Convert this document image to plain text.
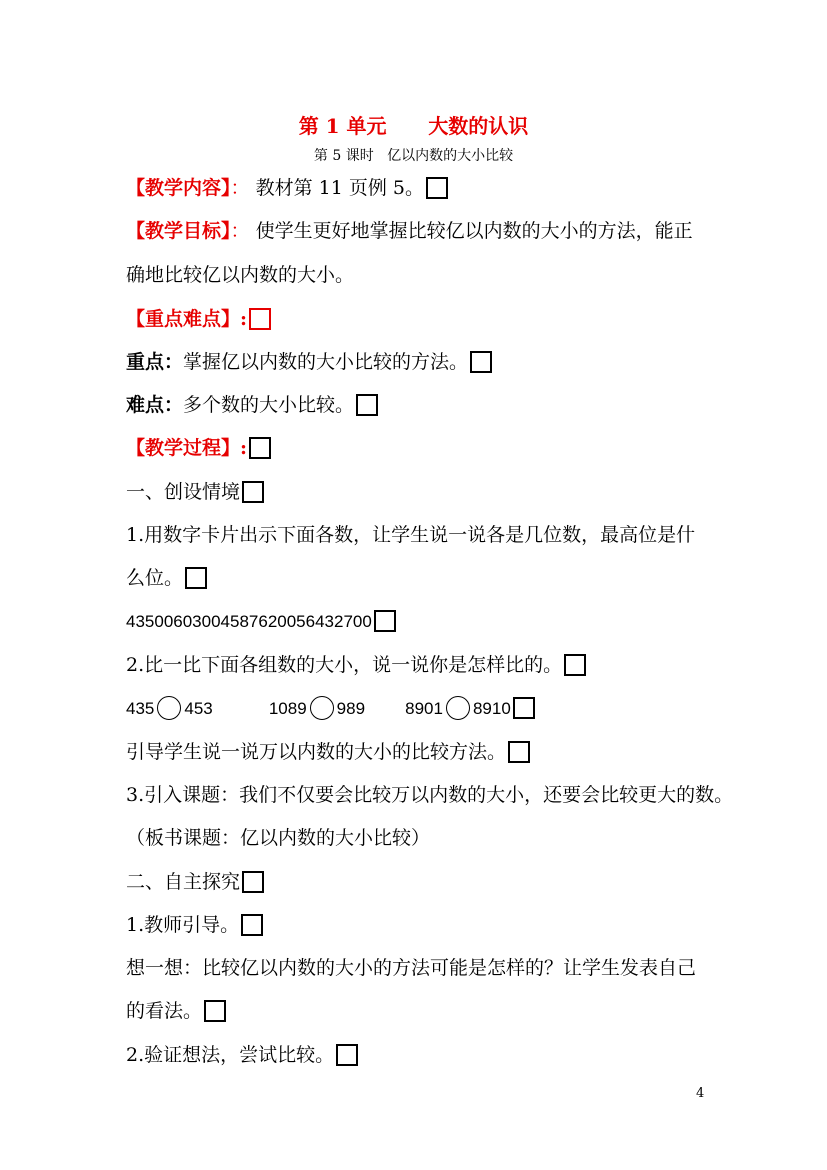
第 1 单元      大数的认识
第 5 课时   亿以内数的大小比较
【教学内容】： 教材第 11 页例 5。
【教学目标】： 使学生更好地掌握比较亿以内数的大小的方法，能正
确地比较亿以内数的大小。
【重点难点】:
重点：掌握亿以内数的大小比较的方法。
难点：多个数的大小比较。
【教学过程】:
一、创设情境
1.用数字卡片出示下面各数，让学生说一说各是几位数，最高位是什
么位。
43500603004587620056432700
2.比一比下面各组数的大小，说一说你是怎样比的。
435 453	1089 989 8901 8910
引导学生说一说万以内数的大小的比较方法。
3.引入课题：我们不仅要会比较万以内数的大小，还要会比较更大的数。
（板书课题：亿以内数的大小比较）
二、自主探究
1.教师引导。
想一想：比较亿以内数的大小的方法可能是怎样的？让学生发表自己
的看法。
2.验证想法，尝试比较。
4
